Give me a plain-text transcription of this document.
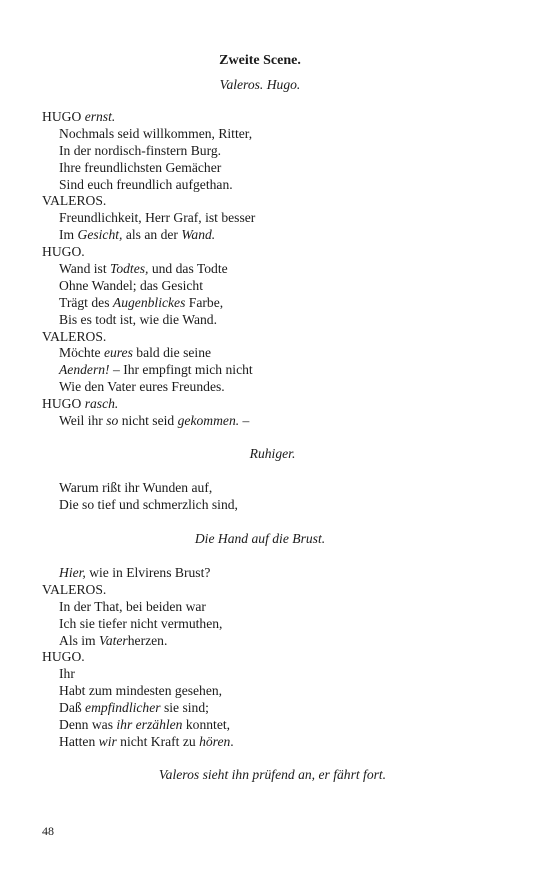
Zweite Scene.
Valeros. Hugo.
HUGO ernst.
Nochmals seid willkommen, Ritter,
In der nordisch-finstern Burg.
Ihre freundlichsten Gemächer
Sind euch freundlich aufgethan.
VALEROS.
Freundlichkeit, Herr Graf, ist besser
Im Gesicht, als an der Wand.
HUGO.
Wand ist Todtes, und das Todte
Ohne Wandel; das Gesicht
Trägt des Augenblickes Farbe,
Bis es todt ist, wie die Wand.
VALEROS.
Möchte eures bald die seine
Aendern! – Ihr empfingt mich nicht
Wie den Vater eures Freundes.
HUGO rasch.
Weil ihr so nicht seid gekommen. –
Ruhiger.
Warum rißt ihr Wunden auf,
Die so tief und schmerzlich sind,
Die Hand auf die Brust.
Hier, wie in Elvirens Brust?
VALEROS.
In der That, bei beiden war
Ich sie tiefer nicht vermuthen,
Als im Vaterherzen.
HUGO.
Ihr
Habt zum mindesten gesehen,
Daß empfindlicher sie sind;
Denn was ihr erzählen konntet,
Hatten wir nicht Kraft zu hören.
Valeros sieht ihn prüfend an, er fährt fort.
48
